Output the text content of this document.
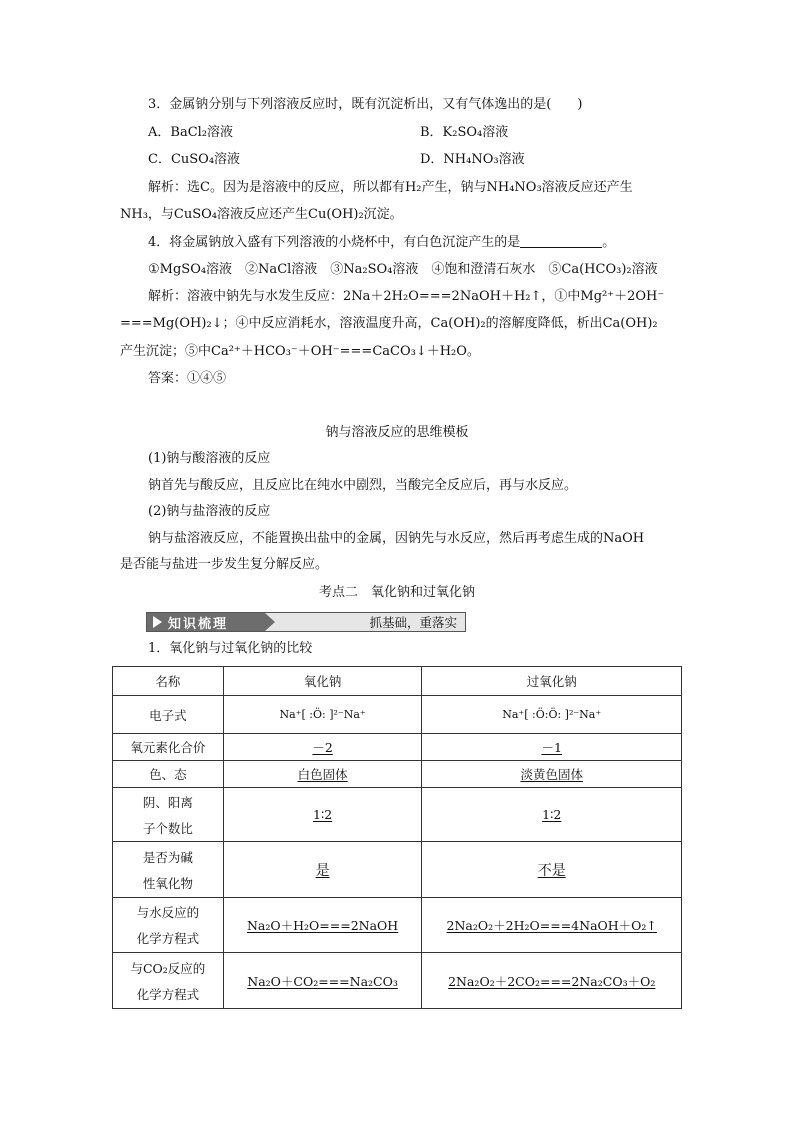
3．金属钠分别与下列溶液反应时，既有沉淀析出，又有气体逸出的是(　　)
A．BaCl₂溶液	B．K₂SO₄溶液
C．CuSO₄溶液	D．NH₄NO₃溶液
解析：选C。因为是溶液中的反应，所以都有H₂产生，钠与NH₄NO₃溶液反应还产生
NH₃，与CuSO₄溶液反应还产生Cu(OH)₂沉淀。
4．将金属钠放入盛有下列溶液的小烧杯中，有白色沉淀产生的是	。
①MgSO₄溶液　②NaCl溶液　③Na₂SO₄溶液　④饱和澄清石灰水　⑤Ca(HCO₃)₂溶液
解析：溶液中钠先与水发生反应：2Na＋2H₂O===2NaOH＋H₂↑，①中Mg²⁺＋2OH⁻
===Mg(OH)₂↓；④中反应消耗水，溶液温度升高，Ca(OH)₂的溶解度降低，析出Ca(OH)₂
产生沉淀；⑤中Ca²⁺＋HCO₃⁻＋OH⁻===CaCO₃↓＋H₂O。
答案：①④⑤
钠与溶液反应的思维模板
(1)钠与酸溶液的反应
钠首先与酸反应，且反应比在纯水中剧烈，当酸完全反应后，再与水反应。
(2)钠与盐溶液的反应
钠与盐溶液反应，不能置换出盐中的金属，因钠先与水反应，然后再考虑生成的NaOH
是否能与盐进一步发生复分解反应。
考点二　氧化钠和过氧化钠
知识梳理	抓基础，重落实
1．氧化钠与过氧化钠的比较
名称	氧化钠	过氧化钠
电子式	Na⁺[ :Ö: ]²⁻Na⁺	Na⁺[ :Ö:Ö: ]²⁻Na⁺
氧元素化合价	－2	－1
色、态	白色固体	淡黄色固体

阴、阳离
子个数比	1∶2	1∶2

是否为碱
性氧化物	是	不是

与水反应的
化学方程式	Na₂O＋H₂O===2NaOH	2Na₂O₂＋2H₂O===4NaOH＋O₂↑

与CO₂反应的
化学方程式	Na₂O＋CO₂===Na₂CO₃	2Na₂O₂＋2CO₂===2Na₂CO₃＋O₂
